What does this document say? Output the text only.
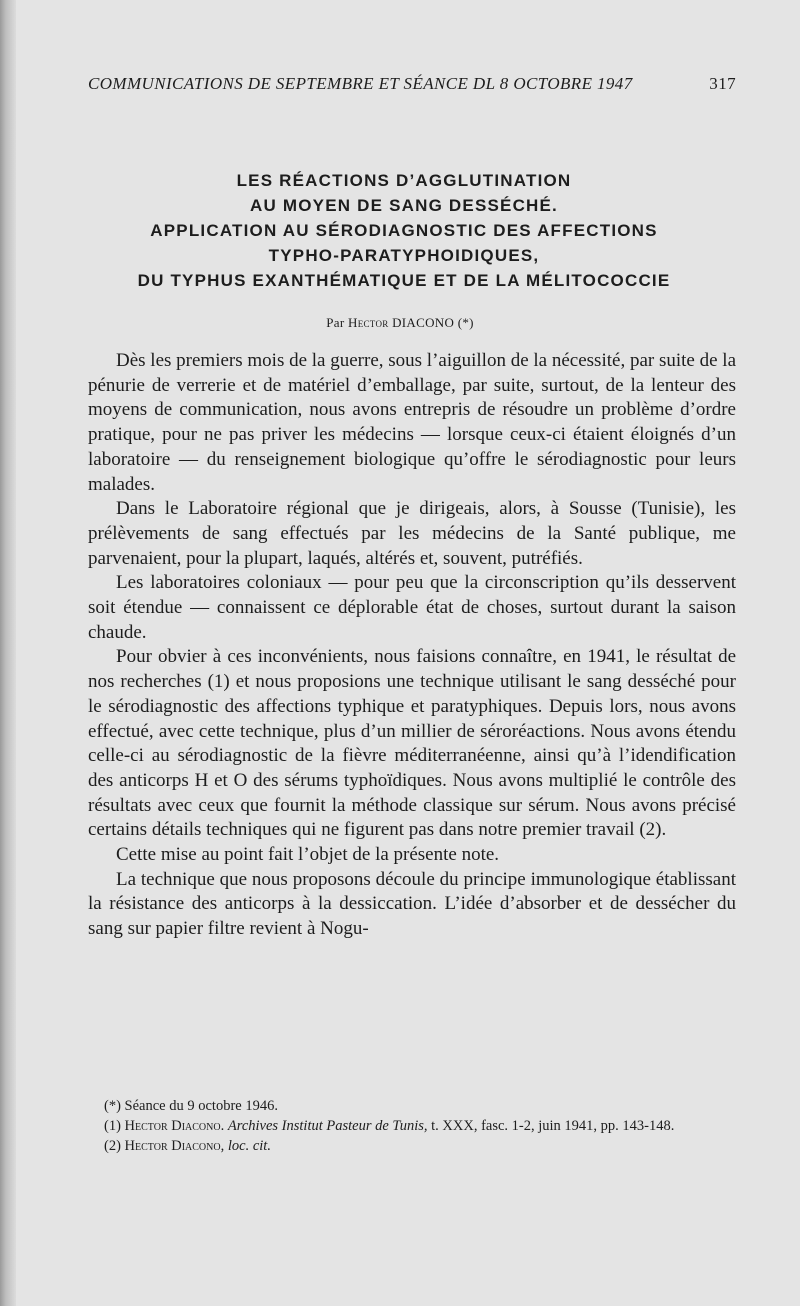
COMMUNICATIONS DE SEPTEMBRE ET SÉANCE DL 8 OCTOBRE 1947	317
LES RÉACTIONS D’AGGLUTINATION
AU MOYEN DE SANG DESSÉCHÉ.
APPLICATION AU SÉRODIAGNOSTIC DES AFFECTIONS
TYPHO-PARATYPHOIDIQUES,
DU TYPHUS EXANTHÉMATIQUE ET DE LA MÉLITOCOCCIE
Par Hector DIACONO (*)

Dès les premiers mois de la guerre, sous l’aiguillon de la nécessité, par suite de la pénurie de verrerie et de matériel d’emballage, par suite, surtout, de la lenteur des moyens de communication, nous avons entrepris de résoudre un problème d’ordre pratique, pour ne pas priver les médecins — lorsque ceux-ci étaient éloignés d’un laboratoire — du renseignement biologique qu’offre le sérodiagnostic pour leurs malades.

Dans le Laboratoire régional que je dirigeais, alors, à Sousse (Tunisie), les prélèvements de sang effectués par les médecins de la Santé publique, me parvenaient, pour la plupart, laqués, altérés et, souvent, putréfiés.

Les laboratoires coloniaux — pour peu que la circonscription qu’ils desservent soit étendue — connaissent ce déplorable état de choses, surtout durant la saison chaude.

Pour obvier à ces inconvénients, nous faisions connaître, en 1941, le résultat de nos recherches (1) et nous proposions une technique utilisant le sang desséché pour le sérodiagnostic des affections typhique et paratyphiques. Depuis lors, nous avons effectué, avec cette technique, plus d’un millier de séroréactions. Nous avons étendu celle-ci au sérodiagnostic de la fièvre méditerranéenne, ainsi qu’à l’idendification des anticorps H et O des sérums typhoïdiques. Nous avons multiplié le contrôle des résultats avec ceux que fournit la méthode classique sur sérum. Nous avons précisé certains détails techniques qui ne figurent pas dans notre premier travail (2).

Cette mise au point fait l’objet de la présente note.

La technique que nous proposons découle du principe immunologique établissant la résistance des anticorps à la dessiccation. L’idée d’absorber et de dessécher du sang sur papier filtre revient à Nogu-

(*) Séance du 9 octobre 1946.
(1) Hector Diacono. Archives Institut Pasteur de Tunis, t. XXX, fasc. 1-2, juin 1941, pp. 143-148.
(2) Hector Diacono, loc. cit.
